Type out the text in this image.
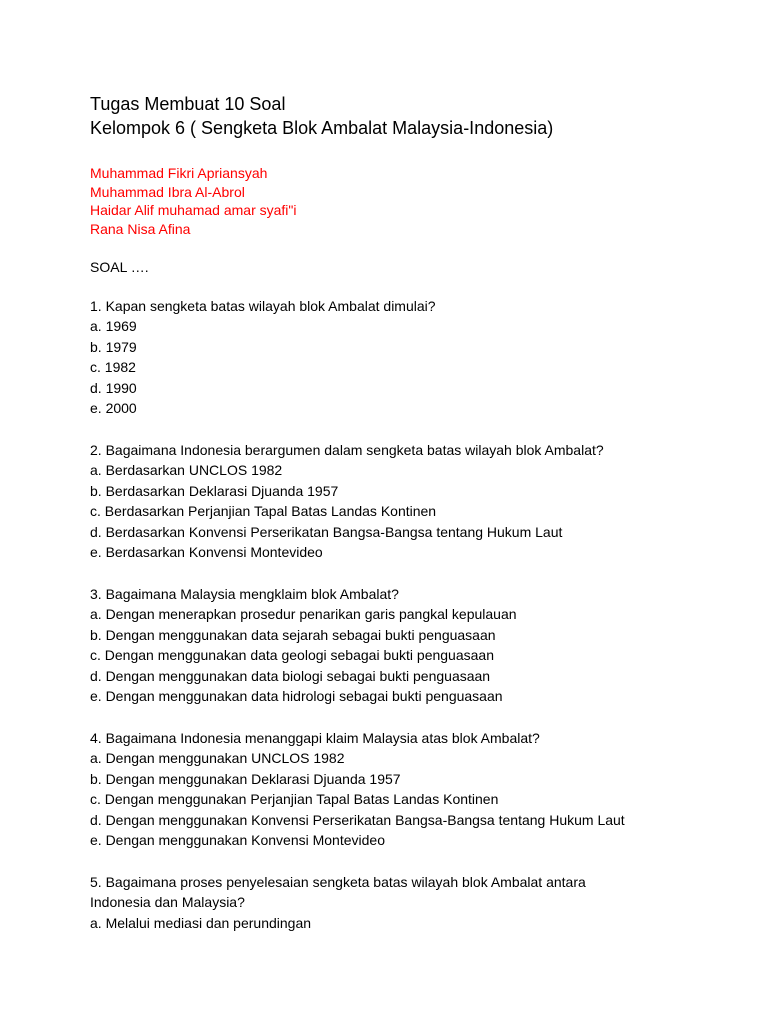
Tugas Membuat 10 Soal
Kelompok 6 ( Sengketa Blok Ambalat Malaysia-Indonesia)
Muhammad Fikri Apriansyah
Muhammad Ibra Al-Abrol
Haidar Alif muhamad amar syafi"i
Rana Nisa Afina
SOAL ….
1. Kapan sengketa batas wilayah blok Ambalat dimulai?
a. 1969
b. 1979
c. 1982
d. 1990
e. 2000
2. Bagaimana Indonesia berargumen dalam sengketa batas wilayah blok Ambalat?
a. Berdasarkan UNCLOS 1982
b. Berdasarkan Deklarasi Djuanda 1957
c. Berdasarkan Perjanjian Tapal Batas Landas Kontinen
d. Berdasarkan Konvensi Perserikatan Bangsa-Bangsa tentang Hukum Laut
e. Berdasarkan Konvensi Montevideo
3. Bagaimana Malaysia mengklaim blok Ambalat?
a. Dengan menerapkan prosedur penarikan garis pangkal kepulauan
b. Dengan menggunakan data sejarah sebagai bukti penguasaan
c. Dengan menggunakan data geologi sebagai bukti penguasaan
d. Dengan menggunakan data biologi sebagai bukti penguasaan
e. Dengan menggunakan data hidrologi sebagai bukti penguasaan
4. Bagaimana Indonesia menanggapi klaim Malaysia atas blok Ambalat?
a. Dengan menggunakan UNCLOS 1982
b. Dengan menggunakan Deklarasi Djuanda 1957
c. Dengan menggunakan Perjanjian Tapal Batas Landas Kontinen
d. Dengan menggunakan Konvensi Perserikatan Bangsa-Bangsa tentang Hukum Laut
e. Dengan menggunakan Konvensi Montevideo
5. Bagaimana proses penyelesaian sengketa batas wilayah blok Ambalat antara Indonesia dan Malaysia?
a. Melalui mediasi dan perundingan
